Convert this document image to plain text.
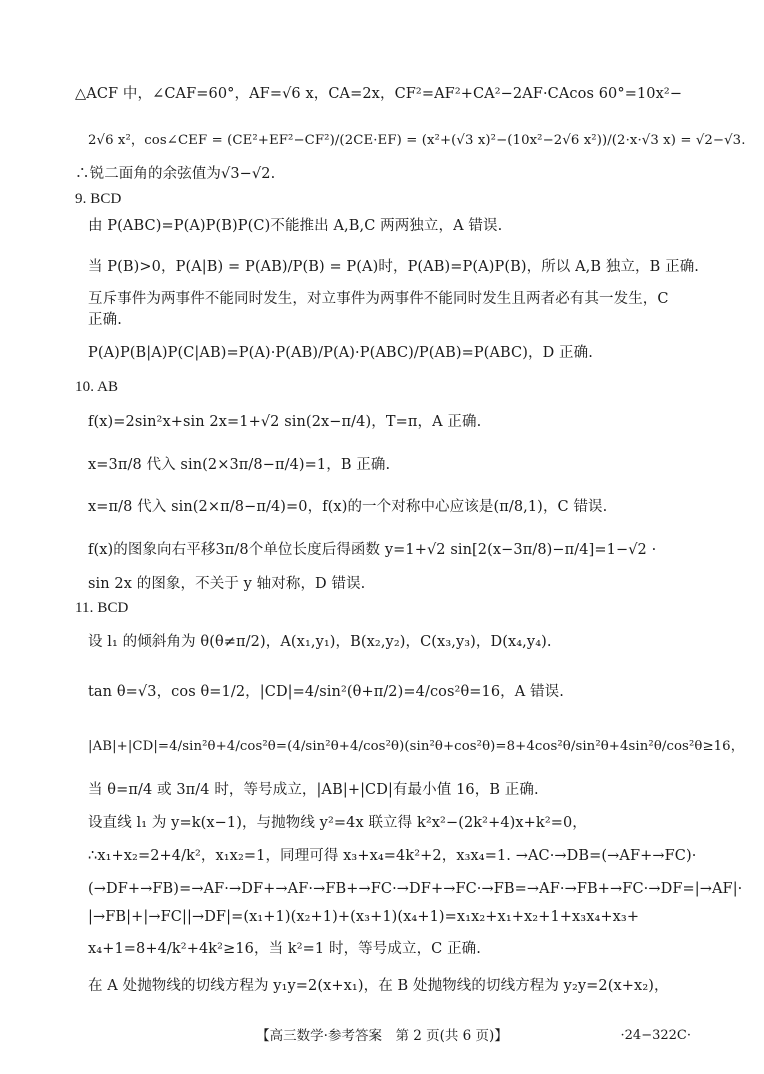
△ACF 中，∠CAF=60°，AF=√6 x，CA=2x，CF²=AF²+CA²−2AF·CAcos 60°=10x²−
2√6 x²，cos∠CEF = (CE²+EF²−CF²)/(2CE·EF) = (x²+(√3 x)²−(10x²−2√6 x²))/(2·x·√3 x) = √2−√3.
∴锐二面角的余弦值为√3−√2.
9. BCD
由 P(ABC)=P(A)P(B)P(C)不能推出 A,B,C 两两独立，A 错误.
当 P(B)>0，P(A|B) = P(AB)/P(B) = P(A)时，P(AB)=P(A)P(B)，所以 A,B 独立，B 正确.
互斥事件为两事件不能同时发生，对立事件为两事件不能同时发生且两者必有其一发生，C
正确.
P(A)P(B|A)P(C|AB)=P(A)·P(AB)/P(A)·P(ABC)/P(AB)=P(ABC)，D 正确.
10. AB
f(x)=2sin²x+sin 2x=1+√2 sin(2x−π/4)，T=π，A 正确.
x=3π/8 代入 sin(2×3π/8−π/4)=1，B 正确.
x=π/8 代入 sin(2×π/8−π/4)=0，f(x)的一个对称中心应该是(π/8,1)，C 错误.
f(x)的图象向右平移3π/8个单位长度后得函数 y=1+√2 sin[2(x−3π/8)−π/4]=1−√2 ·
sin 2x 的图象，不关于 y 轴对称，D 错误.
11. BCD
设 l₁ 的倾斜角为 θ(θ≠π/2)，A(x₁,y₁)，B(x₂,y₂)，C(x₃,y₃)，D(x₄,y₄).
tan θ=√3，cos θ=1/2，|CD|=4/sin²(θ+π/2)=4/cos²θ=16，A 错误.
|AB|+|CD|=4/sin²θ+4/cos²θ=(4/sin²θ+4/cos²θ)(sin²θ+cos²θ)=8+4cos²θ/sin²θ+4sin²θ/cos²θ≥16，
当 θ=π/4 或 3π/4 时，等号成立，|AB|+|CD|有最小值 16，B 正确.
设直线 l₁ 为 y=k(x−1)，与抛物线 y²=4x 联立得 k²x²−(2k²+4)x+k²=0，
∴x₁+x₂=2+4/k²，x₁x₂=1，同理可得 x₃+x₄=4k²+2，x₃x₄=1. →AC·→DB=(→AF+→FC)·
(→DF+→FB)=→AF·→DF+→AF·→FB+→FC·→DF+→FC·→FB=→AF·→FB+→FC·→DF=|→AF|·
|→FB|+|→FC||→DF|=(x₁+1)(x₂+1)+(x₃+1)(x₄+1)=x₁x₂+x₁+x₂+1+x₃x₄+x₃+
x₄+1=8+4/k²+4k²≥16，当 k²=1 时，等号成立，C 正确.
在 A 处抛物线的切线方程为 y₁y=2(x+x₁)，在 B 处抛物线的切线方程为 y₂y=2(x+x₂)，
【高三数学·参考答案　第 2 页(共 6 页)】	·24−322C·
